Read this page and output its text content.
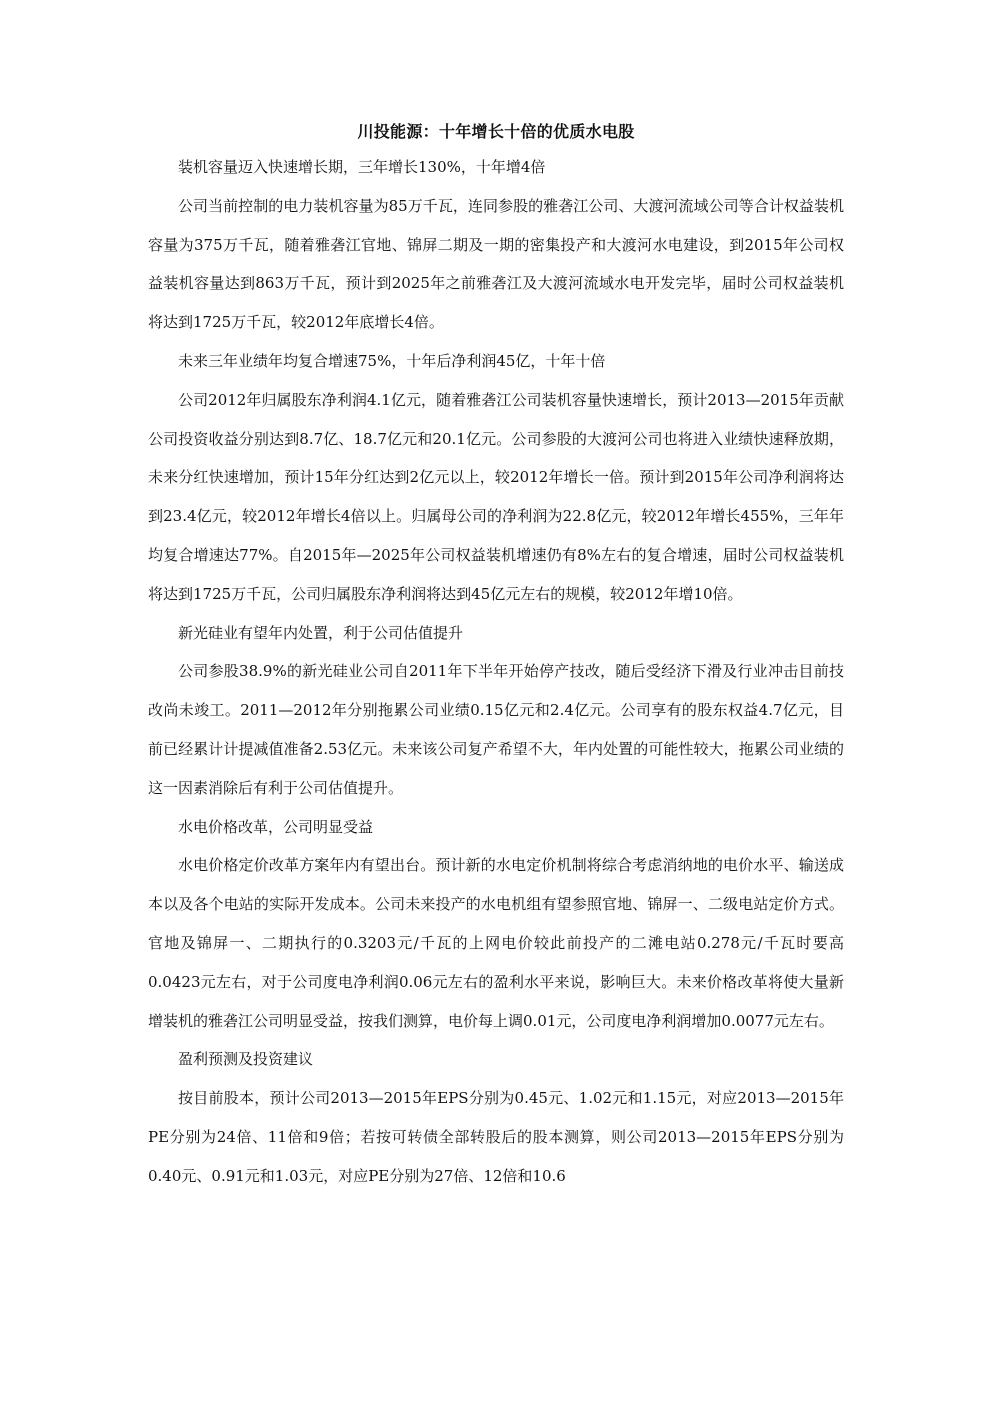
川投能源：十年增长十倍的优质水电股

装机容量迈入快速增长期，三年增长130%，十年增4倍

公司当前控制的电力装机容量为85万千瓦，连同参股的雅砻江公司、大渡河流域公司等合计权益装机容量为375万千瓦，随着雅砻江官地、锦屏二期及一期的密集投产和大渡河水电建设，到2015年公司权益装机容量达到863万千瓦，预计到2025年之前雅砻江及大渡河流域水电开发完毕，届时公司权益装机将达到1725万千瓦，较2012年底增长4倍。

未来三年业绩年均复合增速75%，十年后净利润45亿，十年十倍

公司2012年归属股东净利润4.1亿元，随着雅砻江公司装机容量快速增长，预计2013—2015年贡献公司投资收益分别达到8.7亿、18.7亿元和20.1亿元。公司参股的大渡河公司也将进入业绩快速释放期，未来分红快速增加，预计15年分红达到2亿元以上，较2012年增长一倍。预计到2015年公司净利润将达到23.4亿元，较2012年增长4倍以上。归属母公司的净利润为22.8亿元，较2012年增长455%，三年年均复合增速达77%。自2015年—2025年公司权益装机增速仍有8%左右的复合增速，届时公司权益装机将达到1725万千瓦，公司归属股东净利润将达到45亿元左右的规模，较2012年增10倍。

新光硅业有望年内处置，利于公司估值提升

公司参股38.9%的新光硅业公司自2011年下半年开始停产技改，随后受经济下滑及行业冲击目前技改尚未竣工。2011—2012年分别拖累公司业绩0.15亿元和2.4亿元。公司享有的股东权益4.7亿元，目前已经累计计提减值准备2.53亿元。未来该公司复产希望不大，年内处置的可能性较大，拖累公司业绩的这一因素消除后有利于公司估值提升。

水电价格改革，公司明显受益

水电价格定价改革方案年内有望出台。预计新的水电定价机制将综合考虑消纳地的电价水平、输送成本以及各个电站的实际开发成本。公司未来投产的水电机组有望参照官地、锦屏一、二级电站定价方式。官地及锦屏一、二期执行的0.3203元/千瓦的上网电价较此前投产的二滩电站0.278元/千瓦时要高0.0423元左右，对于公司度电净利润0.06元左右的盈利水平来说，影响巨大。未来价格改革将使大量新增装机的雅砻江公司明显受益，按我们测算，电价每上调0.01元，公司度电净利润增加0.0077元左右。

盈利预测及投资建议

按目前股本，预计公司2013—2015年EPS分别为0.45元、1.02元和1.15元，对应2013—2015年PE分别为24倍、11倍和9倍；若按可转债全部转股后的股本测算，则公司2013—2015年EPS分别为0.40元、0.91元和1.03元，对应PE分别为27倍、12倍和10.6
